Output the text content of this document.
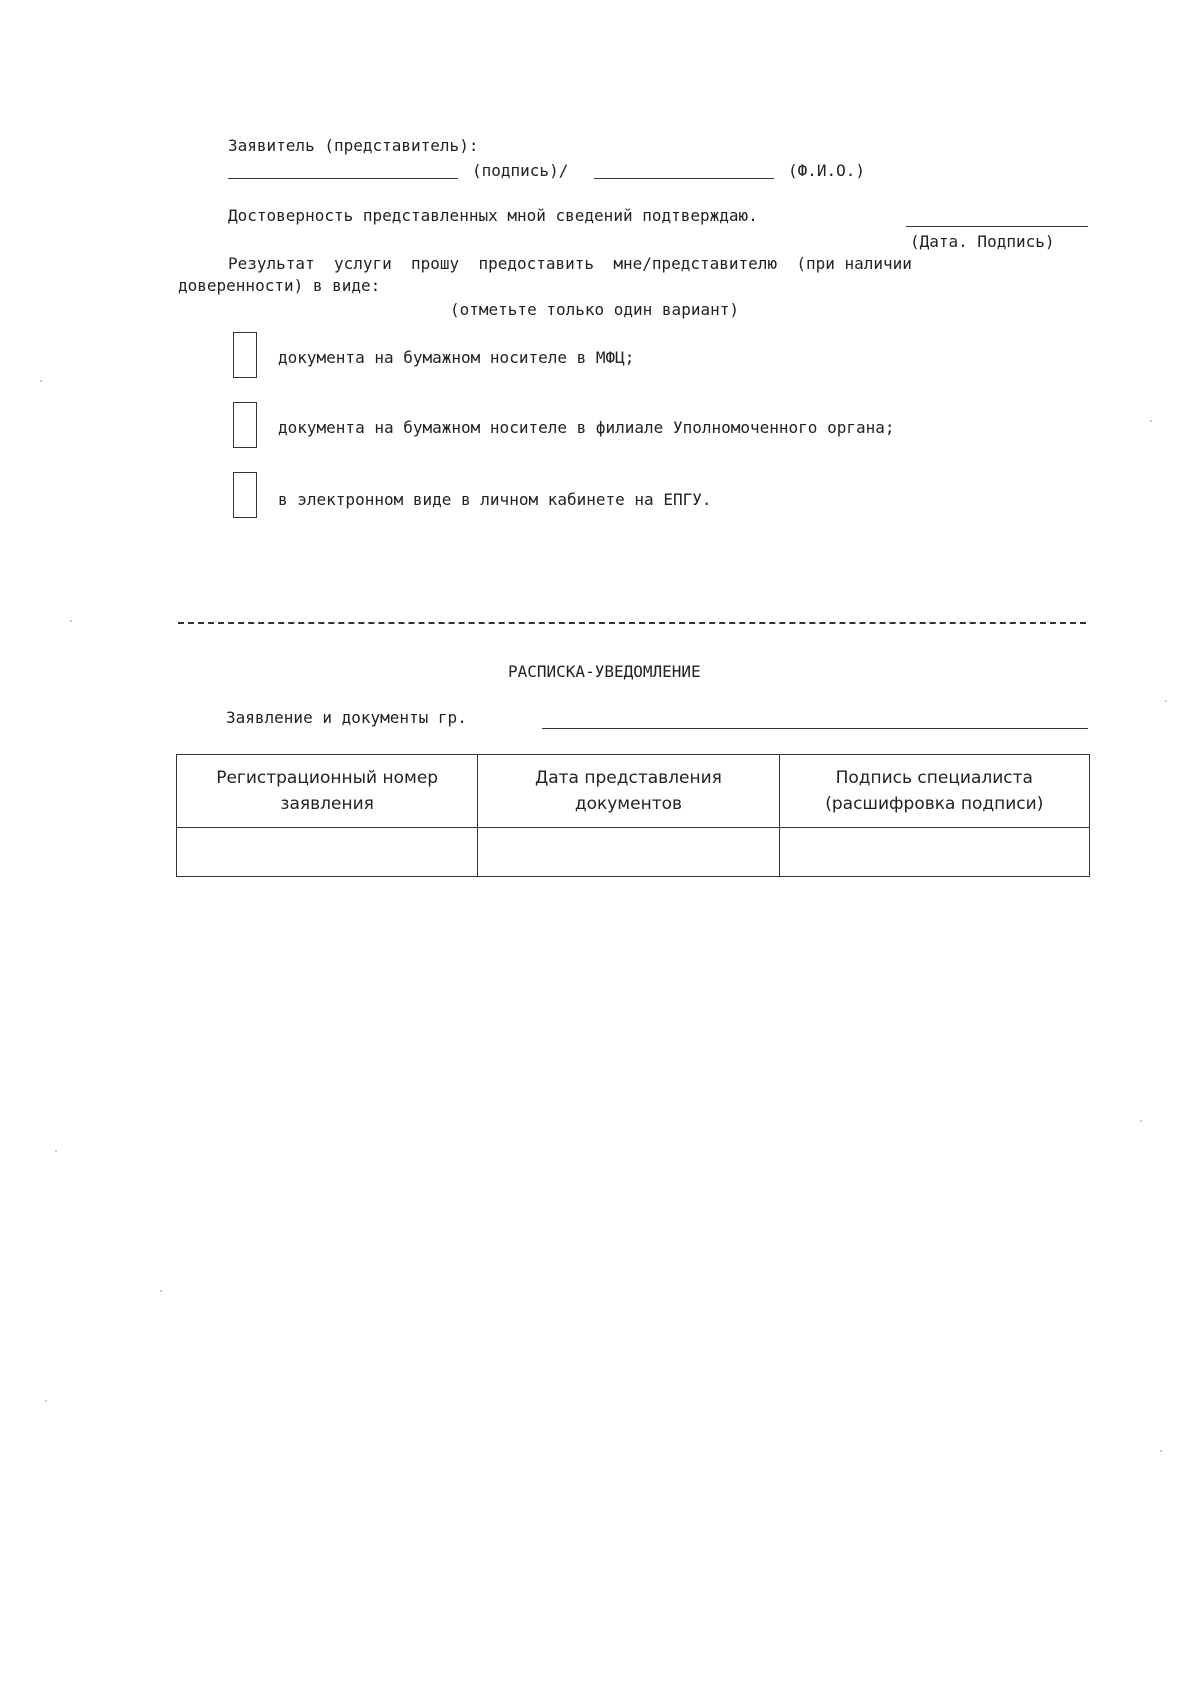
Заявитель (представитель):
(подпись)/	(Ф.И.О.)
Достоверность представленных мной сведений подтверждаю.
(Дата. Подпись)
Результат  услуги  прошу  предоставить  мне/представителю  (при наличии
доверенности) в виде:
(отметьте только один вариант)
документа на бумажном носителе в МФЦ;
документа на бумажном носителе в филиале Уполномоченного органа;
в электронном виде в личном кабинете на ЕПГУ.
РАСПИСКА-УВЕДОМЛЕНИЕ
Заявление и документы гр.
Регистрационный номер заявления	Дата представления документов	Подпись специалиста (расшифровка подписи)
